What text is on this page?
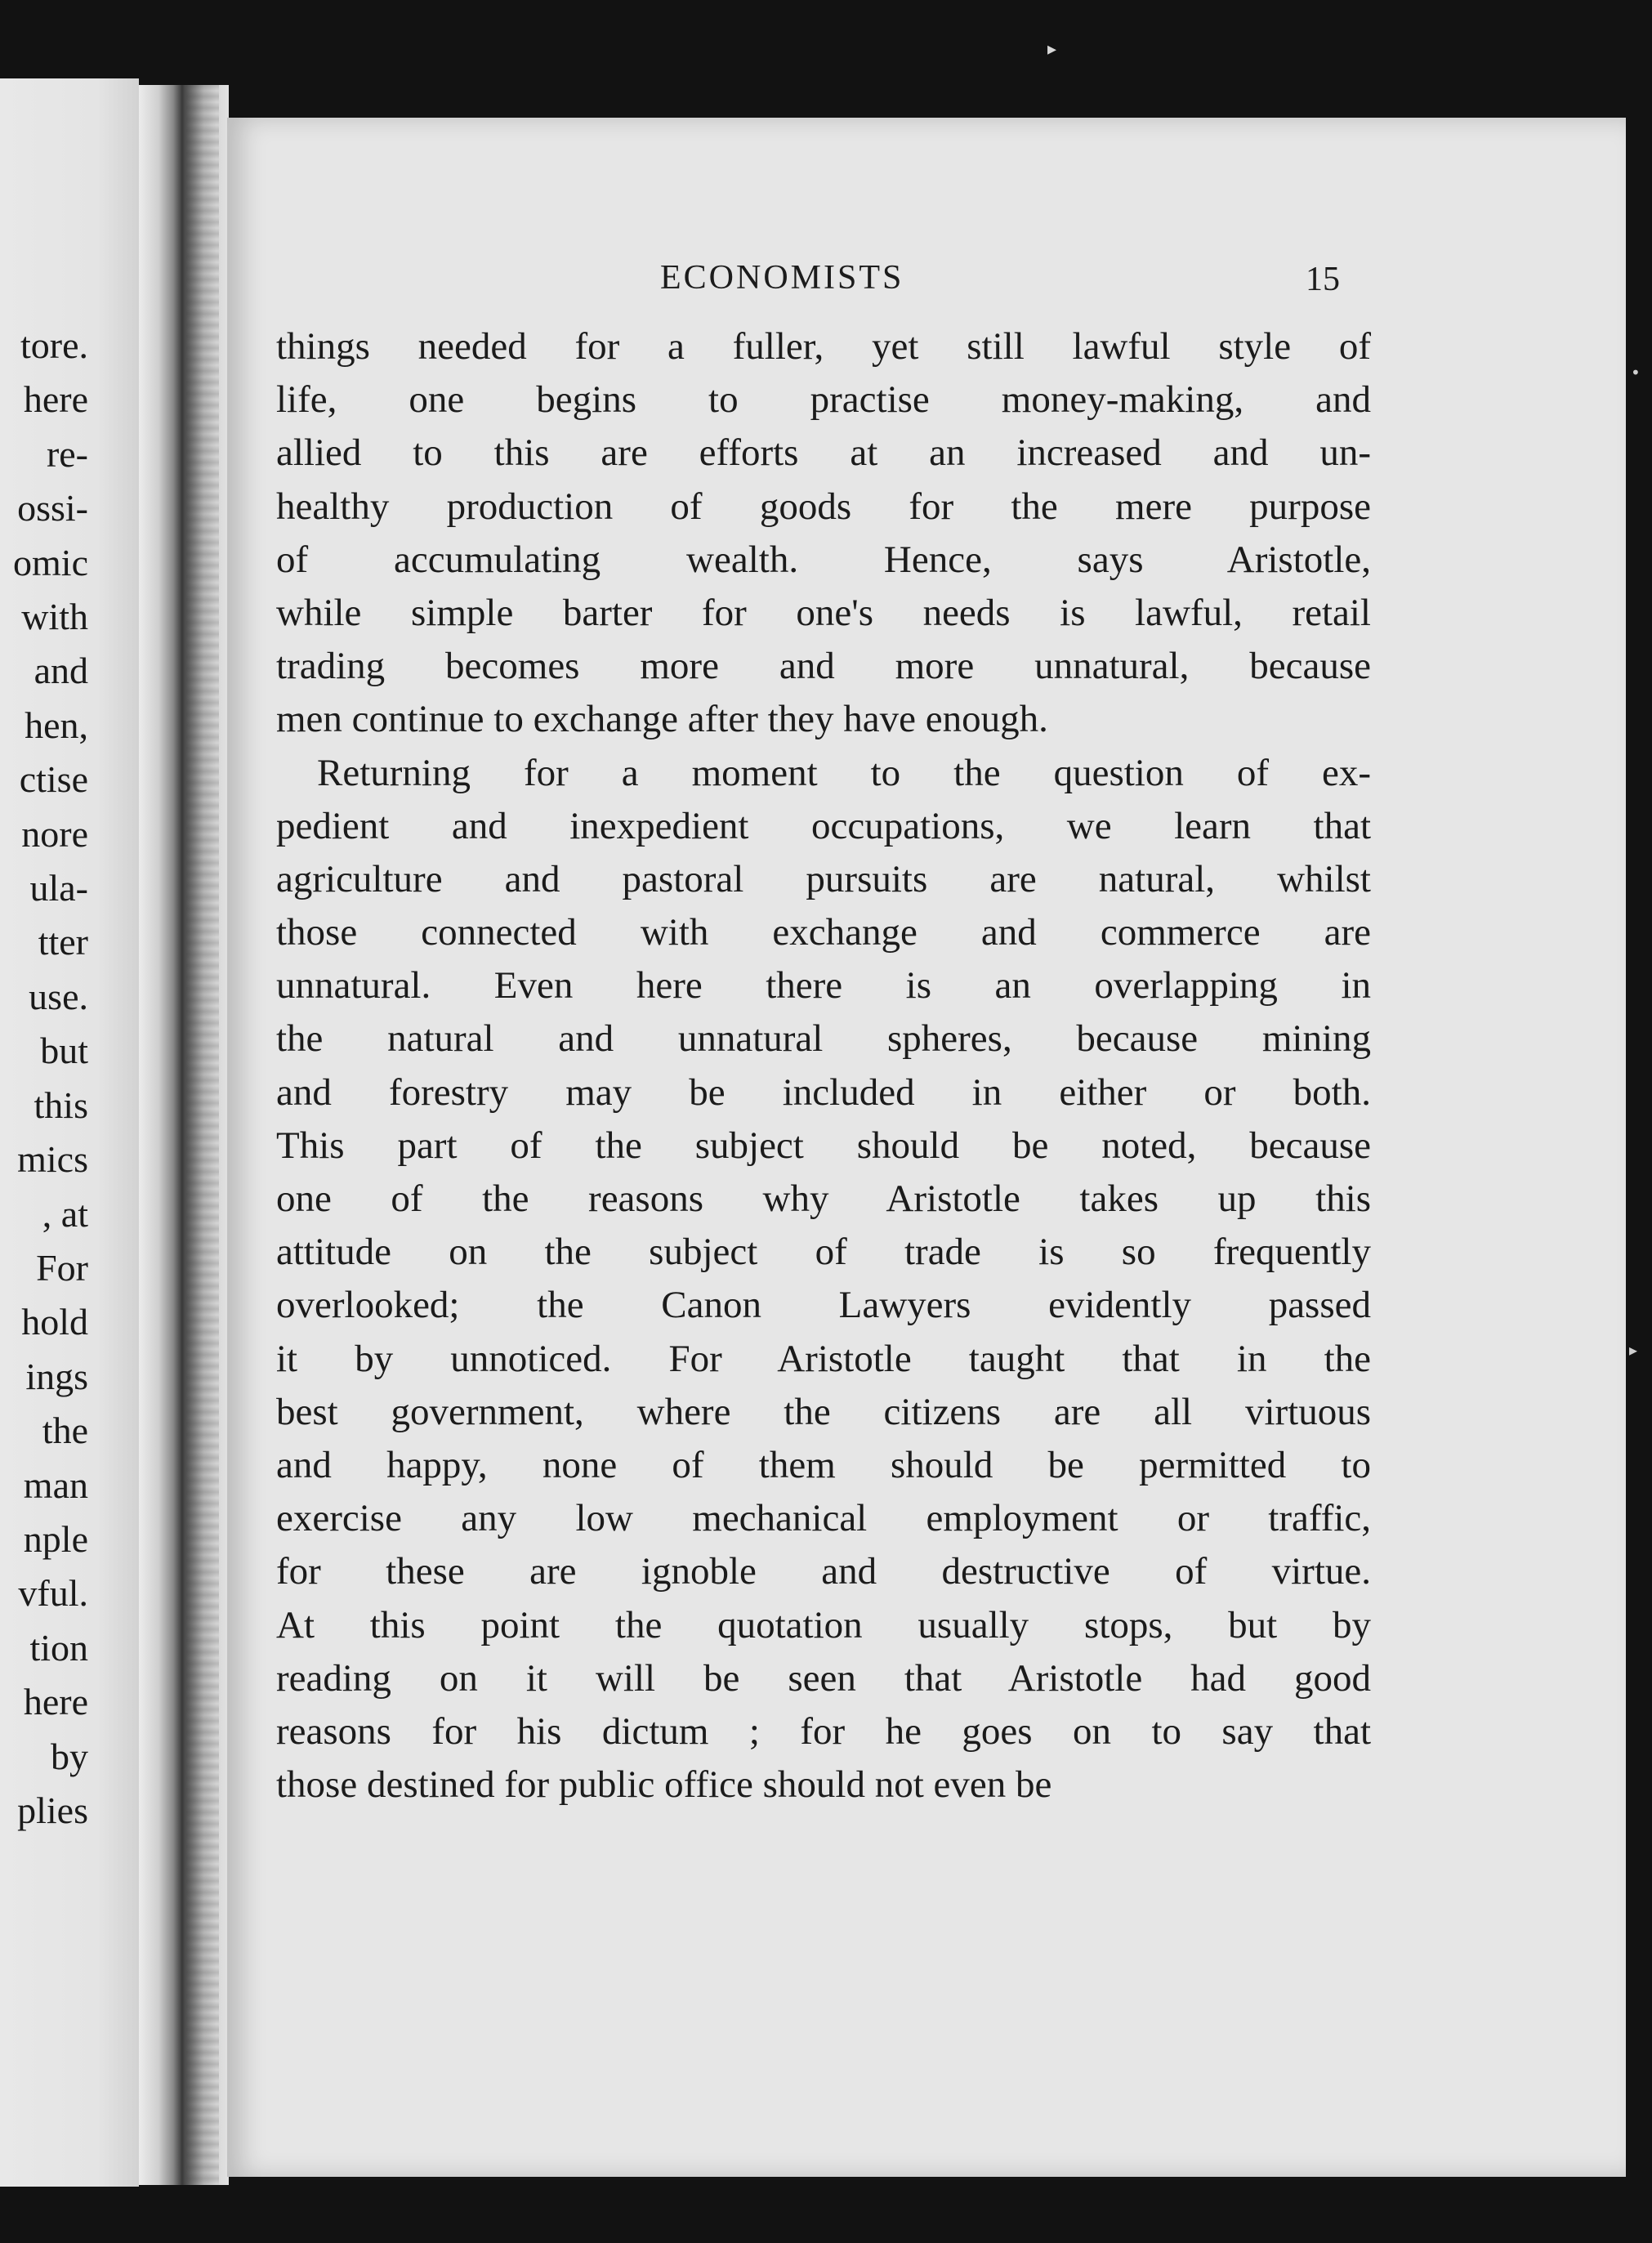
▸
tore.
here
re-
ossi-
omic
with
and
hen,
ctise
nore
ula-
tter
use.
but
this
mics
, at
For
hold
ings
the
man
nple
vful.
tion
here
by
plies
ECONOMISTS	15
things needed for a fuller, yet still lawful style of
life, one begins to practise money-making, and
allied to this are efforts at an increased and un-
healthy production of goods for the mere purpose
of accumulating wealth. Hence, says Aristotle,
while simple barter for one's needs is lawful, retail
trading becomes more and more unnatural, because
men continue to exchange after they have enough.
Returning for a moment to the question of ex-
pedient and inexpedient occupations, we learn that
agriculture and pastoral pursuits are natural, whilst
those connected with exchange and commerce are
unnatural. Even here there is an overlapping in
the natural and unnatural spheres, because mining
and forestry may be included in either or both.
This part of the subject should be noted, because
one of the reasons why Aristotle takes up this
attitude on the subject of trade is so frequently
overlooked; the Canon Lawyers evidently passed
it by unnoticed. For Aristotle taught that in the
best government, where the citizens are all virtuous
and happy, none of them should be permitted to
exercise any low mechanical employment or traffic,
for these are ignoble and destructive of virtue.
At this point the quotation usually stops, but by
reading on it will be seen that Aristotle had good
reasons for his dictum ; for he goes on to say that
those destined for public office should not even be
•
▸
